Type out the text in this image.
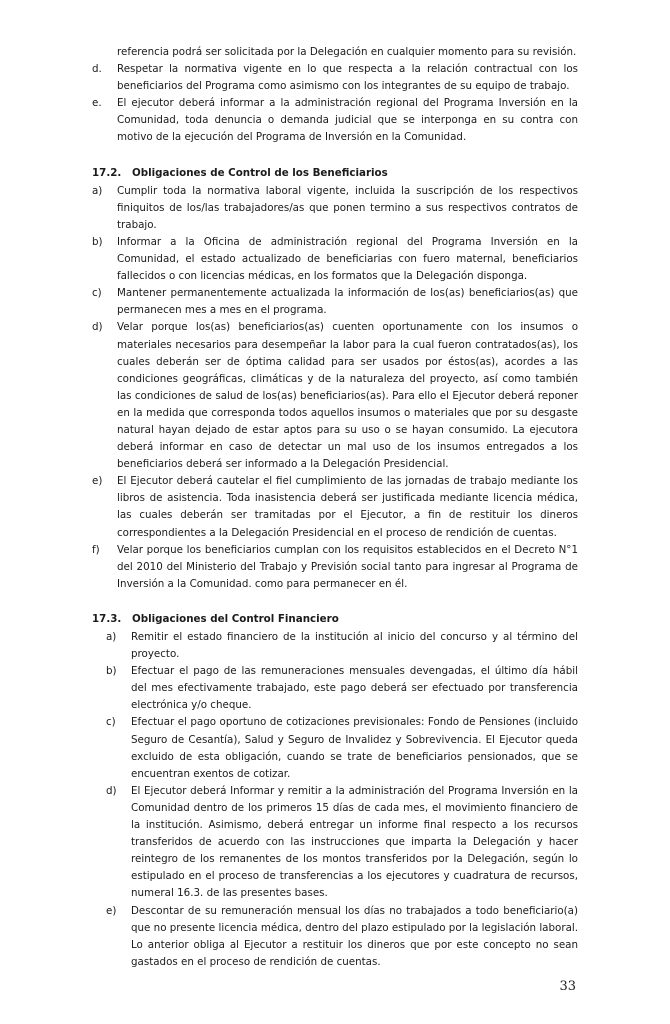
referencia podrá ser solicitada por la Delegación en cualquier momento para su revisión.
d.	Respetar la normativa vigente en lo que respecta a la relación contractual con los beneficiarios del Programa como asimismo con los integrantes de su equipo de trabajo.
e.	El ejecutor deberá informar a la administración regional del Programa Inversión en la Comunidad, toda denuncia o demanda judicial que se interponga en su contra con motivo de la ejecución del Programa de Inversión en la Comunidad.
17.2.	Obligaciones de Control de los Beneficiarios
a)	Cumplir toda la normativa laboral vigente, incluida la suscripción de los respectivos finiquitos de los/las trabajadores/as que ponen termino a sus respectivos contratos de trabajo.
b)	Informar a la Oficina de administración regional del Programa Inversión en la Comunidad, el estado actualizado de beneficiarias con fuero maternal, beneficiarios fallecidos o con licencias médicas, en los formatos que la Delegación disponga.
c)	Mantener permanentemente actualizada la información de los(as) beneficiarios(as) que permanecen mes a mes en el programa.
d)	Velar porque los(as) beneficiarios(as) cuenten oportunamente con los insumos o materiales necesarios para desempeñar la labor para la cual fueron contratados(as), los cuales deberán ser de óptima calidad para ser usados por éstos(as), acordes a las condiciones geográficas, climáticas y de la naturaleza del proyecto, así como también las condiciones de salud de los(as) beneficiarios(as). Para ello el Ejecutor deberá reponer en la medida que corresponda todos aquellos insumos o materiales que por su desgaste natural hayan dejado de estar aptos para su uso o se hayan consumido. La ejecutora deberá informar en caso de detectar un mal uso de los insumos entregados a los beneficiarios deberá ser informado a la Delegación Presidencial.
e)	El Ejecutor deberá cautelar el fiel cumplimiento de las jornadas de trabajo mediante los libros de asistencia. Toda inasistencia deberá ser justificada mediante licencia médica, las cuales deberán ser tramitadas por el Ejecutor, a fin de restituir los dineros correspondientes a la Delegación Presidencial en el proceso de rendición de cuentas.
f)	Velar porque los beneficiarios cumplan con los requisitos establecidos en el Decreto N°1 del 2010 del Ministerio del Trabajo y Previsión social tanto para ingresar al Programa de Inversión a la Comunidad. como para permanecer en él.
17.3.	Obligaciones del Control Financiero
a)	Remitir el estado financiero de la institución al inicio del concurso y al término del proyecto.
b)	Efectuar el pago de las remuneraciones mensuales devengadas, el último día hábil del mes efectivamente trabajado, este pago deberá ser efectuado por transferencia electrónica y/o cheque.
c)	Efectuar el pago oportuno de cotizaciones previsionales: Fondo de Pensiones (incluido Seguro de Cesantía), Salud y Seguro de Invalidez y Sobrevivencia. El Ejecutor queda excluido de esta obligación, cuando se trate de beneficiarios pensionados, que se encuentran exentos de cotizar.
d)	El Ejecutor deberá Informar y remitir a la administración del Programa Inversión en la Comunidad dentro de los primeros 15 días de cada mes, el movimiento financiero de la institución. Asimismo, deberá entregar un informe final respecto a los recursos transferidos de acuerdo con las instrucciones que imparta la Delegación y hacer reintegro de los remanentes de los montos transferidos por la Delegación, según lo estipulado en el proceso de transferencias a los ejecutores y cuadratura de recursos, numeral 16.3. de las presentes bases.
e)	Descontar de su remuneración mensual los días no trabajados a todo beneficiario(a) que no presente licencia médica, dentro del plazo estipulado por la legislación laboral. Lo anterior obliga al Ejecutor a restituir los dineros que por este concepto no sean gastados en el proceso de rendición de cuentas.
33
